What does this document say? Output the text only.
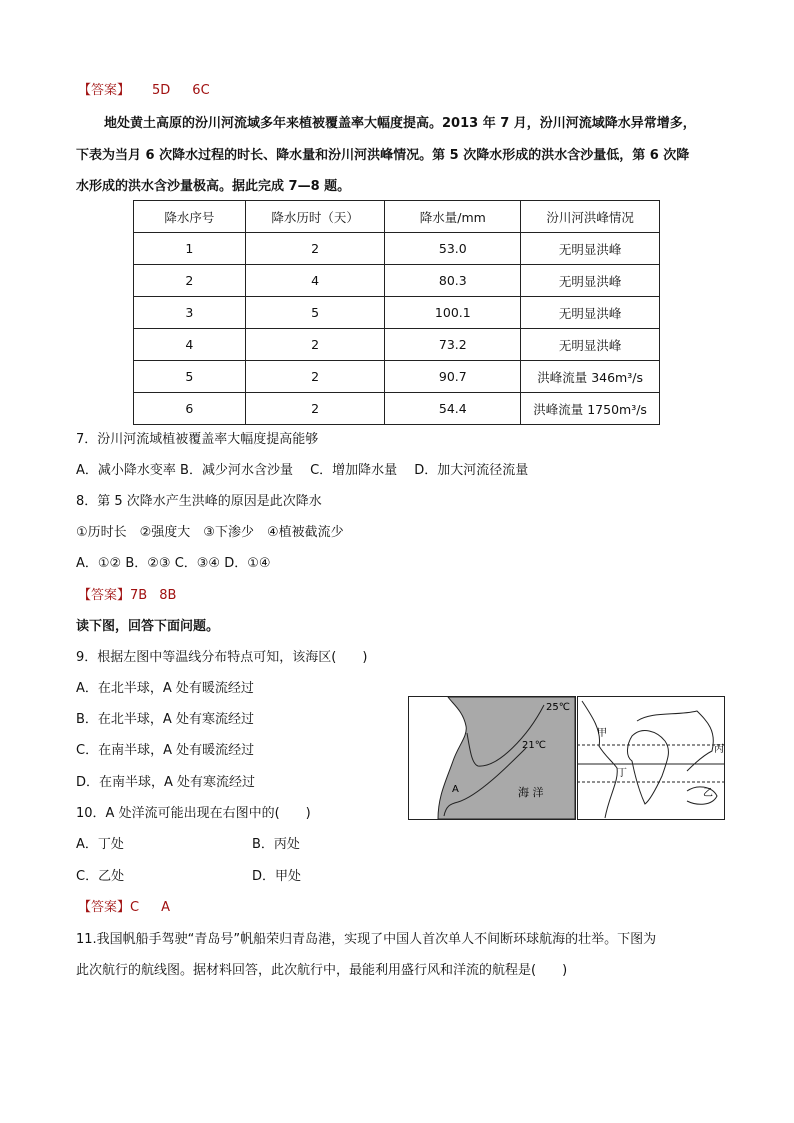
【答案】 5D 6C
地处黄土高原的汾川河流域多年来植被覆盖率大幅度提高。2013 年 7 月，汾川河流域降水异常增多，
下表为当月 6 次降水过程的时长、降水量和汾川河洪峰情况。第 5 次降水形成的洪水含沙量低，第 6 次降
水形成的洪水含沙量极高。据此完成 7—8 题。
降水序号	降水历时（天）	降水量/mm	汾川河洪峰情况
1	2	53.0	无明显洪峰
2	4	80.3	无明显洪峰
3	5	100.1	无明显洪峰
4	2	73.2	无明显洪峰
5	2	90.7	洪峰流量 346m³/s
6	2	54.4	洪峰流量 1750m³/s
7．汾川河流域植被覆盖率大幅度提高能够
A．减小降水变率 B．减少河水含沙量　 C．增加降水量　 D．加大河流径流量
8．第 5 次降水产生洪峰的原因是此次降水
①历时长　②强度大　③下渗少　④植被截流少
A．①② B．②③ C．③④ D．①④
【答案】7B 8B
读下图，回答下面问题。
9．根据左图中等温线分布特点可知，该海区(　　)
A．在北半球，A 处有暖流经过
B．在北半球，A 处有寒流经过
C．在南半球，A 处有暖流经过
D．在南半球，A 处有寒流经过
10．A 处洋流可能出现在右图中的(　　)
A．丁处	B．丙处
C．乙处	D．甲处
【答案】C A
11.我国帆船手驾驶“青岛号”帆船荣归青岛港，实现了中国人首次单人不间断环球航海的壮举。下图为
此次航行的航线图。据材料回答，此次航行中，最能利用盛行风和洋流的航程是(　　)
25℃
21℃
A	海 洋
甲
丙
丁
乙
